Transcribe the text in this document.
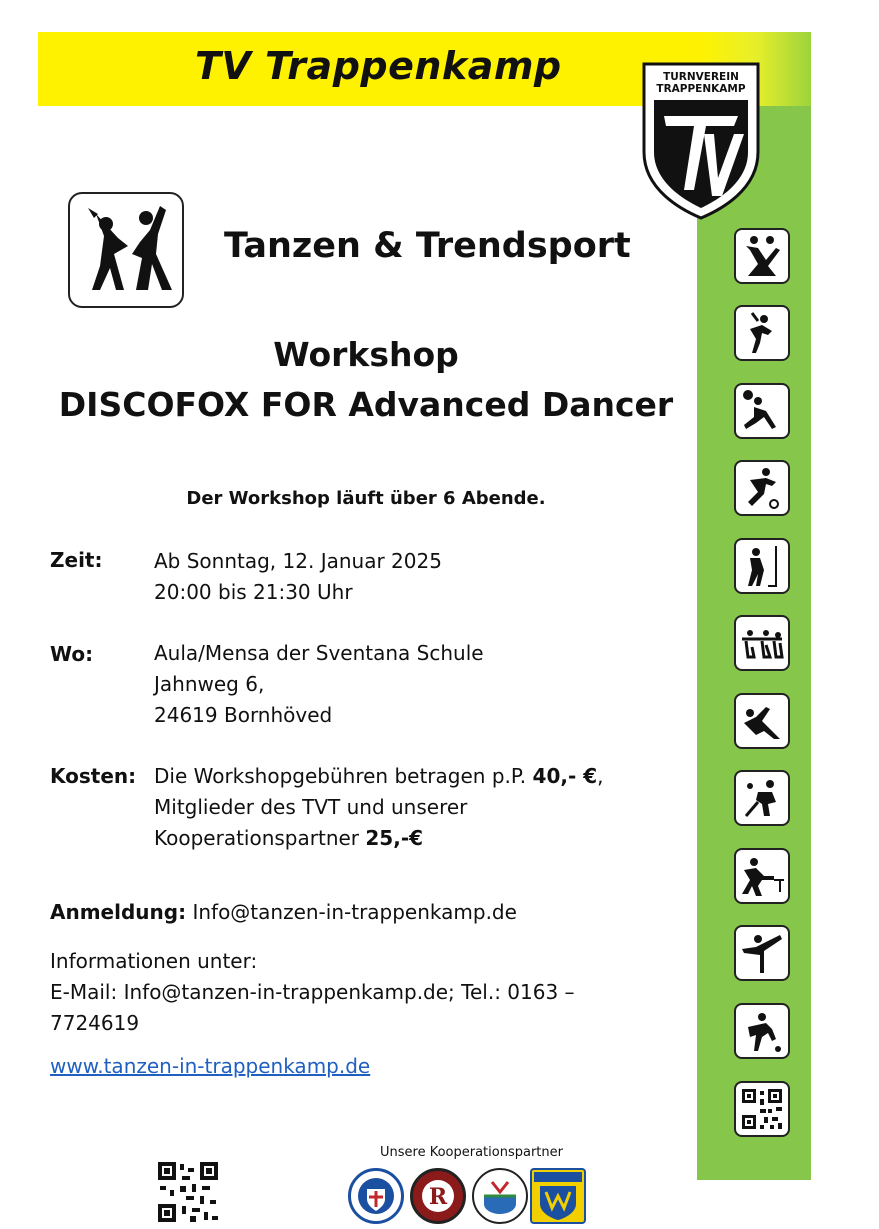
TV Trappenkamp	TURNVEREIN
TRAPPENKAMP
Tanzen & Trendsport
Workshop
DISCOFOX FOR Advanced Dancer
Der Workshop läuft über 6 Abende.
Zeit:	Ab Sonntag, 12. Januar 2025
20:00 bis 21:30 Uhr
Wo:	Aula/Mensa der Sventana Schule
Jahnweg 6,
24619 Bornhöved
Kosten: Die Workshopgebühren betragen p.P. 40,- €,
Mitglieder des TVT und unserer
Kooperationspartner 25,-€
Anmeldung: Info@tanzen-in-trappenkamp.de
Informationen unter:
E-Mail: Info@tanzen-in-trappenkamp.de; Tel.: 0163 –
7724619
www.tanzen-in-trappenkamp.de
Unsere Kooperationspartner
R
